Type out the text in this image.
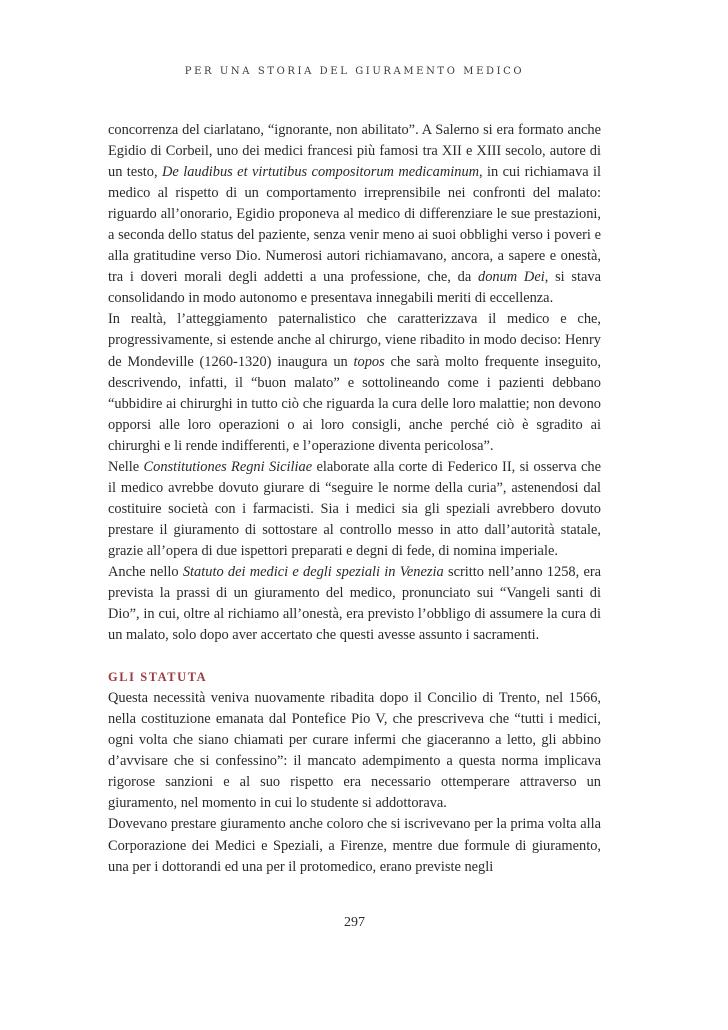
PER UNA STORIA DEL GIURAMENTO MEDICO

concorrenza del ciarlatano, “ignorante, non abilitato”. A Salerno si era formato anche Egidio di Corbeil, uno dei medici francesi più famosi tra XII e XIII secolo, autore di un testo, De laudibus et virtutibus compositorum medicaminum, in cui richiamava il medico al rispetto di un comportamento irreprensibile nei confronti del malato: riguardo all’onorario, Egidio proponeva al medico di differenziare le sue prestazioni, a seconda dello status del paziente, senza venir meno ai suoi obblighi verso i poveri e alla gratitudine verso Dio. Numerosi autori richiamavano, ancora, a sapere e onestà, tra i doveri morali degli addetti a una professione, che, da donum Dei, si stava consolidando in modo autonomo e presentava innegabili meriti di eccellenza.

In realtà, l’atteggiamento paternalistico che caratterizzava il medico e che, progressivamente, si estende anche al chirurgo, viene ribadito in modo deciso: Henry de Mondeville (1260-1320) inaugura un topos che sarà molto frequente inseguito, descrivendo, infatti, il “buon malato” e sottolineando come i pazienti debbano “ubbidire ai chirurghi in tutto ciò che riguarda la cura delle loro malattie; non devono opporsi alle loro operazioni o ai loro consigli, anche perché ciò è sgradito ai chirurghi e li rende indifferenti, e l’operazione diventa pericolosa”.

Nelle Constitutiones Regni Siciliae elaborate alla corte di Federico II, si osserva che il medico avrebbe dovuto giurare di “seguire le norme della curia”, astenendosi dal costituire società con i farmacisti. Sia i medici sia gli speziali avrebbero dovuto prestare il giuramento di sottostare al controllo messo in atto dall’autorità statale, grazie all’opera di due ispettori preparati e degni di fede, di nomina imperiale.

Anche nello Statuto dei medici e degli speziali in Venezia scritto nell’anno 1258, era prevista la prassi di un giuramento del medico, pronunciato sui “Vangeli santi di Dio”, in cui, oltre al richiamo all’onestà, era previsto l’obbligo di assumere la cura di un malato, solo dopo aver accertato che questi avesse assunto i sacramenti.

GLI STATUTA

Questa necessità veniva nuovamente ribadita dopo il Concilio di Trento, nel 1566, nella costituzione emanata dal Pontefice Pio V, che prescriveva che “tutti i medici, ogni volta che siano chiamati per curare infermi che giaceranno a letto, gli abbino d’avvisare che si confessino”: il mancato adempimento a questa norma implicava rigorose sanzioni e al suo rispetto era necessario ottemperare attraverso un giuramento, nel momento in cui lo studente si addottorava.

Dovevano prestare giuramento anche coloro che si iscrivevano per la prima volta alla Corporazione dei Medici e Speziali, a Firenze, mentre due formule di giuramento, una per i dottorandi ed una per il protomedico, erano previste negli

297
